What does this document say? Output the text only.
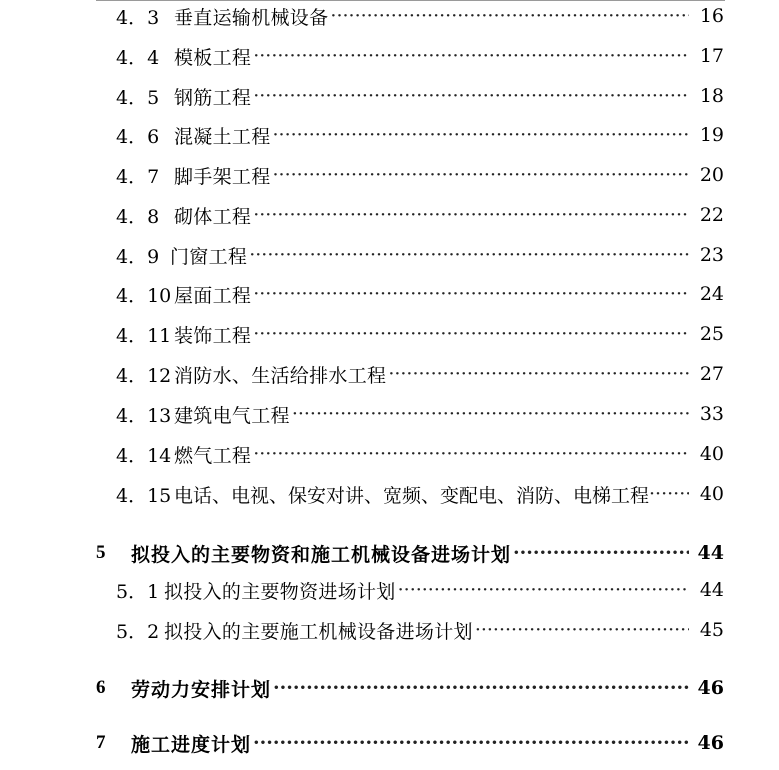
4．3 垂直运输机械设备 ·····	16
4．4 模板工程 ·····	17
4．5 钢筋工程 ·····	18
4．6 混凝土工程 ·····	19
4．7 脚手架工程 ·····	20
4．8 砌体工程 ·····	22
4．9 门窗工程 ·····	23
4．10 屋面工程 ·····	24
4．11 装饰工程 ·····	25
4．12 消防水、生活给排水工程 ·····	27
4．13 建筑电气工程 ·····	33
4．14 燃气工程 ·····	40
4．15 电话、电视、保安对讲、宽频、变配电、消防、电梯工程 ·····	40
5	拟投入的主要物资和施工机械设备进场计划 ·····	44
5．1 拟投入的主要物资进场计划 ·····	44
5．2 拟投入的主要施工机械设备进场计划 ·····	45
6	劳动力安排计划 ·····	46
7	施工进度计划 ·····	46
